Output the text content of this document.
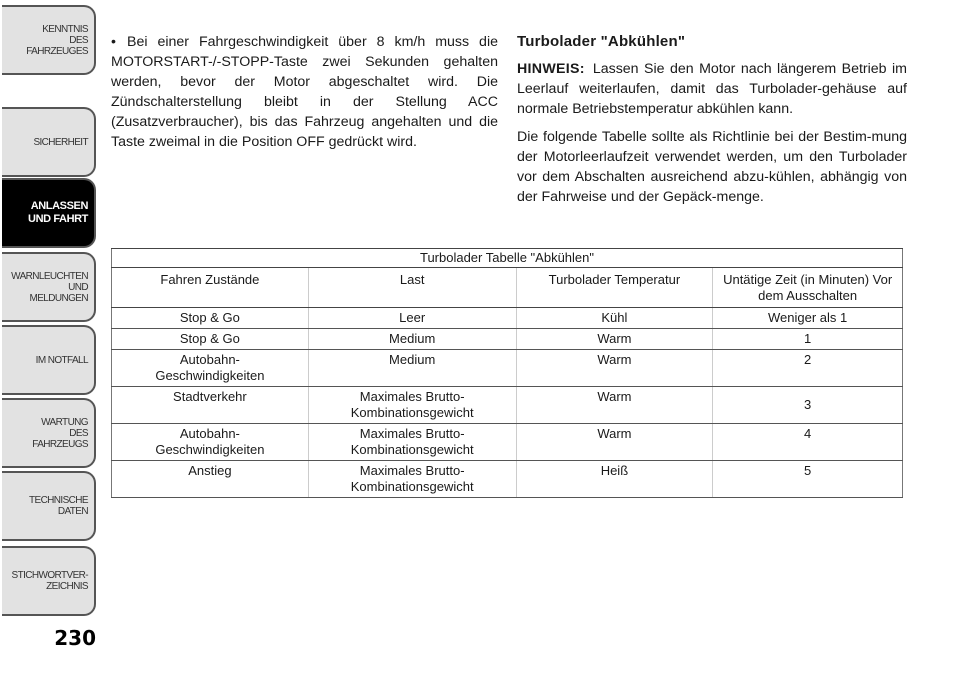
KENNTNIS
DES
FAHRZEUGES
SICHERHEIT
ANLASSEN
UND FAHRT
WARNLEUCHTEN
UND
MELDUNGEN
IM NOTFALL
WARTUNG
DES
FAHRZEUGS
TECHNISCHE
DATEN
STICHWORTVER-
ZEICHNIS
230

• Bei einer Fahrgeschwindigkeit über 8 km/h muss die MOTORSTART-/-STOPP-Taste zwei Sekunden gehalten werden, bevor der Motor abgeschaltet wird. Die Zündschalterstellung bleibt in der Stellung ACC (Zusatzverbraucher), bis das Fahrzeug angehalten und die Taste zweimal in die Position OFF gedrückt wird.

Turbolader "Abkühlen"

HINWEIS: Lassen Sie den Motor nach längerem Betrieb im Leerlauf weiterlaufen, damit das Turbolader-gehäuse auf normale Betriebstemperatur abkühlen kann.

Die folgende Tabelle sollte als Richtlinie bei der Bestim-mung der Motorleerlaufzeit verwendet werden, um den Turbolader vor dem Abschalten ausreichend abzu-kühlen, abhängig von der Fahrweise und der Gepäck-menge.

Turbolader Tabelle "Abkühlen"			
Fahren Zustände	Last	Turbolader Temperatur	Untätige Zeit (in Minuten) Vor dem Ausschalten
Stop & Go	Leer	Kühl	Weniger als 1
Stop & Go	Medium	Warm	1
Autobahn-
Geschwindigkeiten	Medium	Warm	2
Stadtverkehr	Maximales Brutto-
Kombinationsgewicht	Warm	3
Autobahn-
Geschwindigkeiten	Maximales Brutto-
Kombinationsgewicht	Warm	4
Anstieg	Maximales Brutto-
Kombinationsgewicht	Heiß	5
